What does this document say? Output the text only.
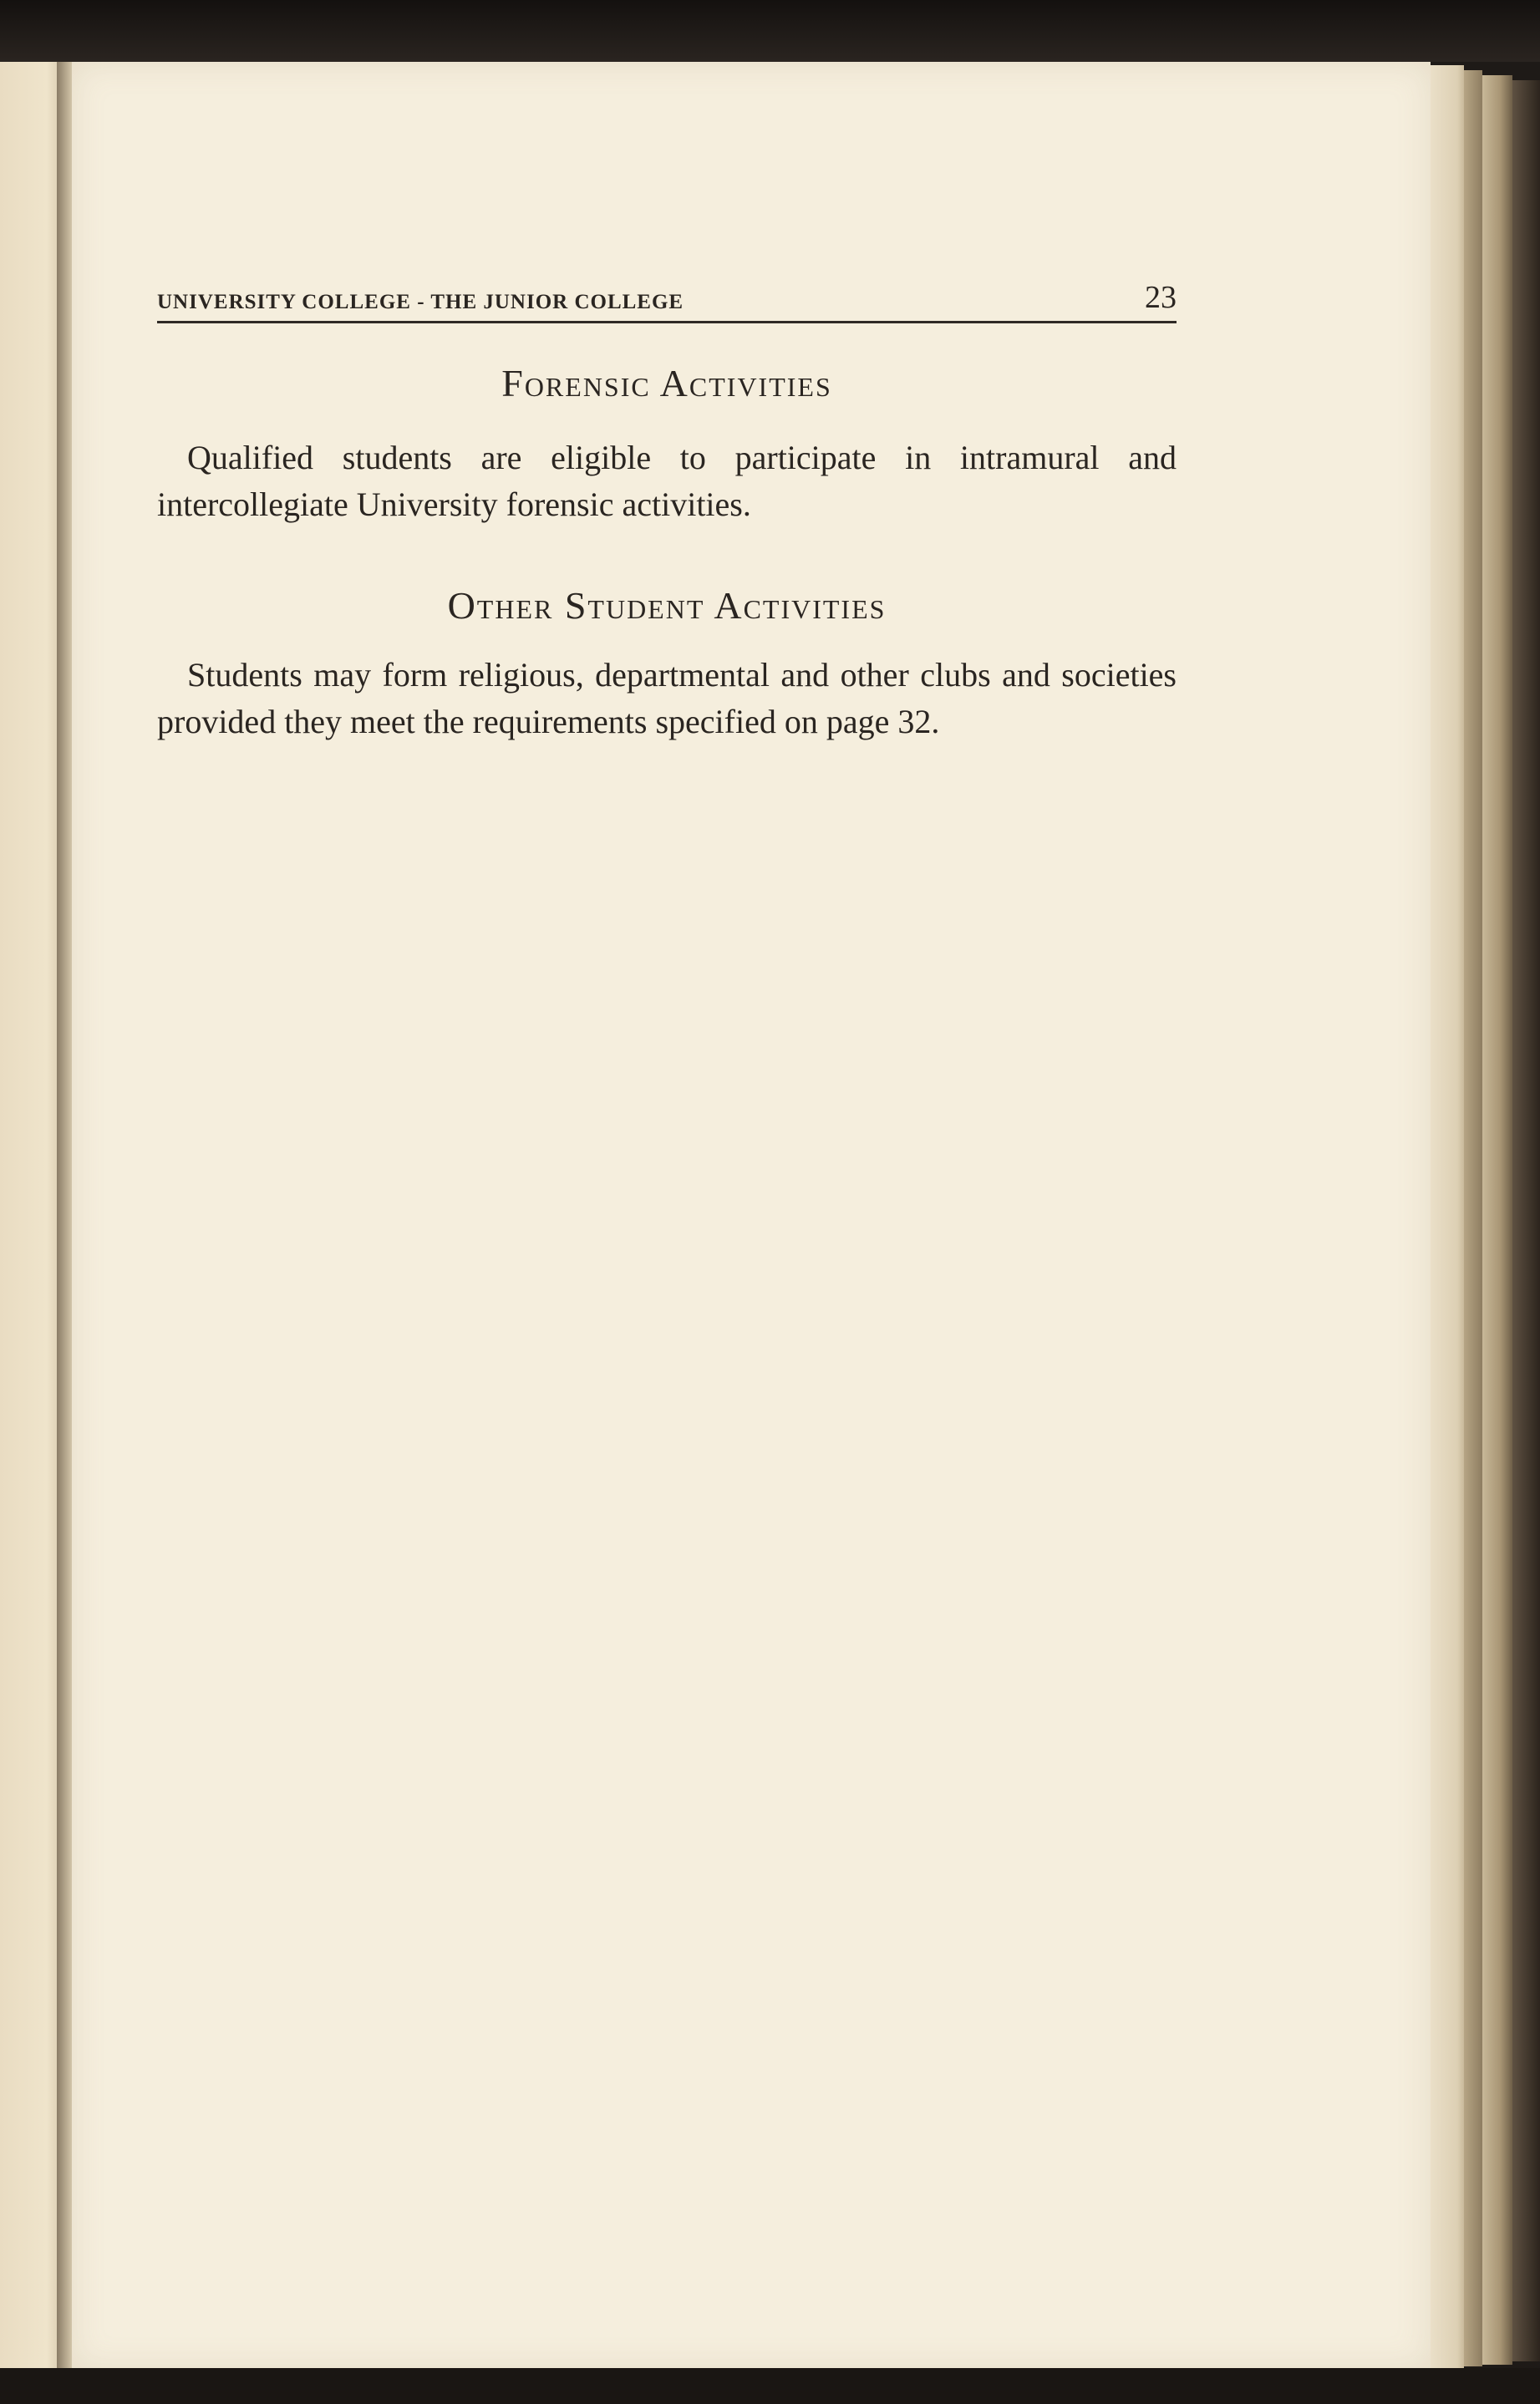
UNIVERSITY COLLEGE - THE JUNIOR COLLEGE	23
Forensic Activities

Qualified students are eligible to participate in intramural and intercollegiate University forensic activities.

Other Student Activities

Students may form religious, departmental and other clubs and societies provided they meet the requirements specified on page 32.
